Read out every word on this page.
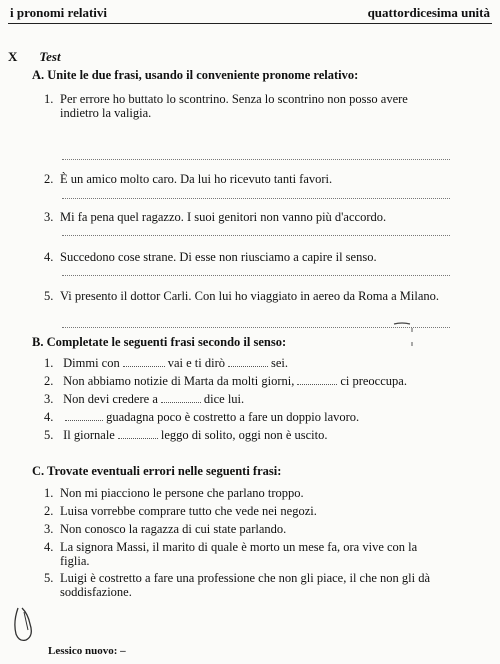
i pronomi relativi	quattordicesima unità
X Test
A. Unite le due frasi, usando il conveniente pronome relativo:
1. Per errore ho buttato lo scontrino. Senza lo scontrino non posso avere indietro la valigia.
2. È un amico molto caro. Da lui ho ricevuto tanti favori.
3. Mi fa pena quel ragazzo. I suoi genitori non vanno più d'accordo.
4. Succedono cose strane. Di esse non riusciamo a capire il senso.
5. Vi presento il dottor Carli. Con lui ho viaggiato in aereo da Roma a Milano.
B. Completate le seguenti frasi secondo il senso:
1. Dimmi con	vai e ti dirò	sei.
2. Non abbiamo notizie di Marta da molti giorni,	ci preoccupa.
3. Non devi credere a	dice lui.
4.	guadagna poco è costretto a fare un doppio lavoro.
5. Il giornale	leggo di solito, oggi non è uscito.
C. Trovate eventuali errori nelle seguenti frasi:
1. Non mi piacciono le persone che parlano troppo.
2. Luisa vorrebbe comprare tutto che vede nei negozi.
3. Non conosco la ragazza di cui state parlando.
4. La signora Massi, il marito di quale è morto un mese fa, ora vive con la figlia.
5. Luigi è costretto a fare una professione che non gli piace, il che non gli dà soddisfazione.
Lessico nuovo: –
